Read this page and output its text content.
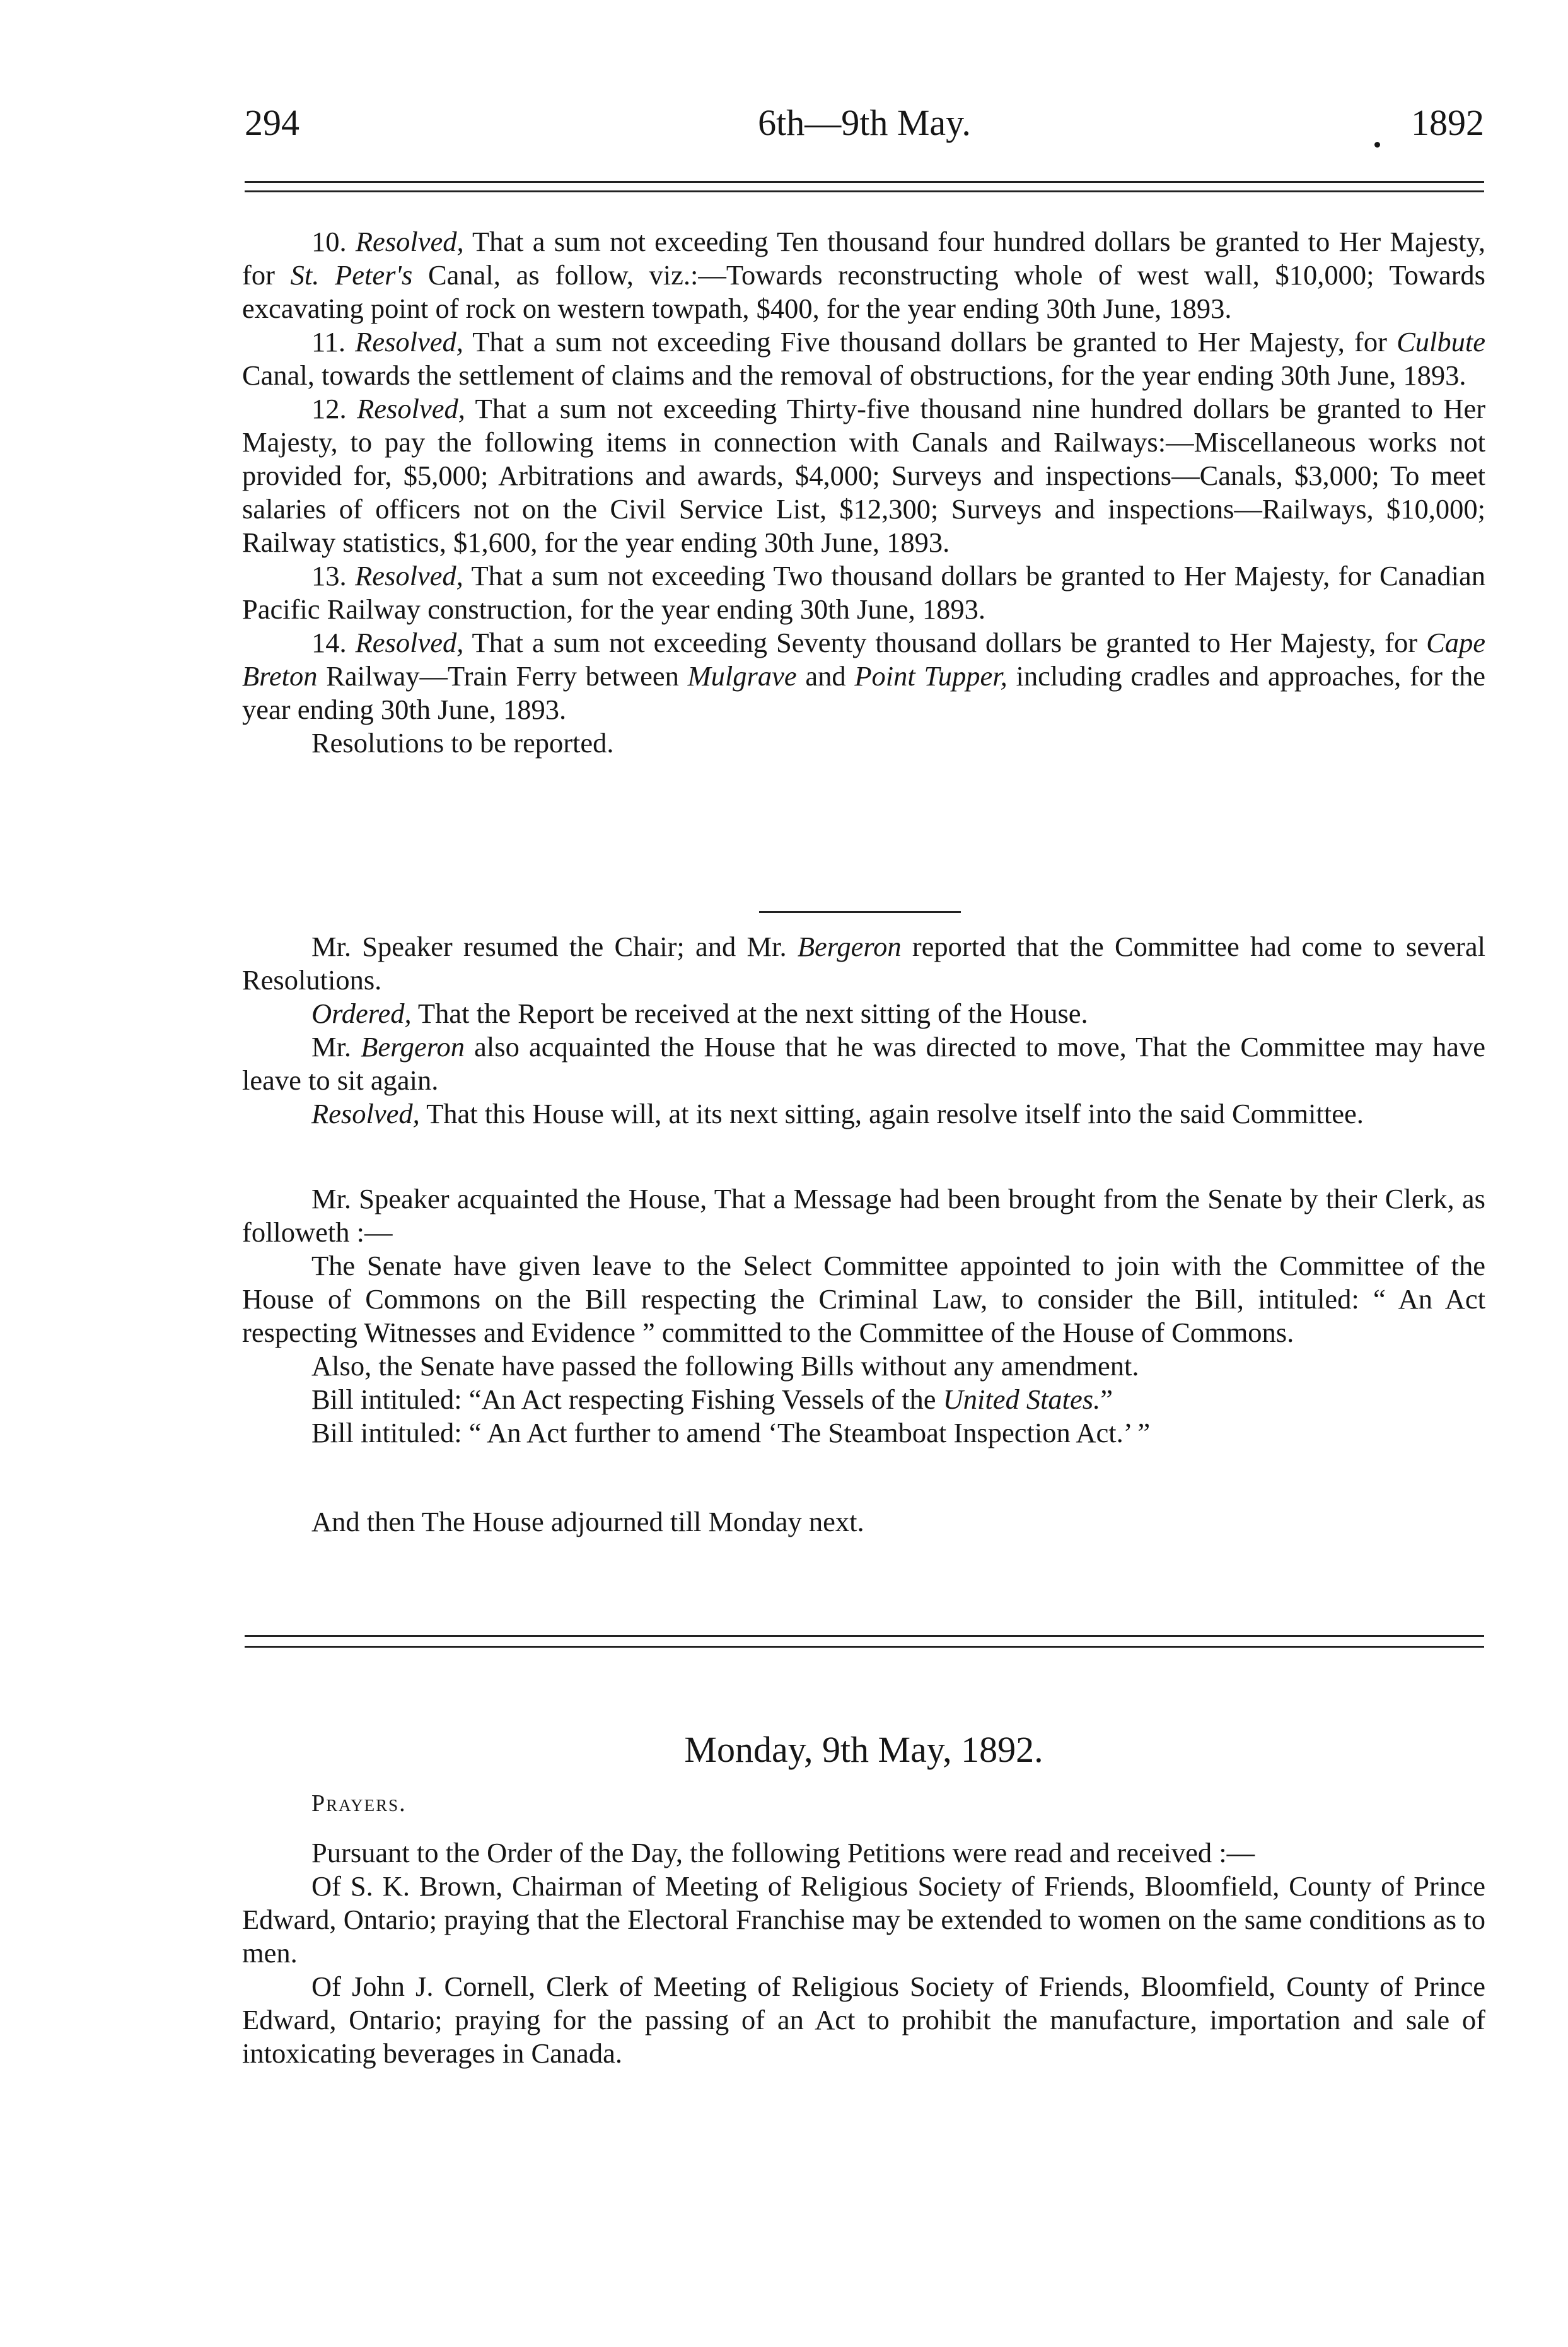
294	6th—9th May.	1892

10. Resolved, That a sum not exceeding Ten thousand four hundred dollars be granted to Her Majesty, for St. Peter's Canal, as follow, viz.:—Towards reconstructing whole of west wall, $10,000; Towards excavating point of rock on western towpath, $400, for the year ending 30th June, 1893.

11. Resolved, That a sum not exceeding Five thousand dollars be granted to Her Majesty, for Culbute Canal, towards the settlement of claims and the removal of obstructions, for the year ending 30th June, 1893.

12. Resolved, That a sum not exceeding Thirty-five thousand nine hundred dollars be granted to Her Majesty, to pay the following items in connection with Canals and Railways:—Miscellaneous works not provided for, $5,000; Arbitrations and awards, $4,000; Surveys and inspections—Canals, $3,000; To meet salaries of officers not on the Civil Service List, $12,300; Surveys and inspections—Railways, $10,000; Railway statistics, $1,600, for the year ending 30th June, 1893.

13. Resolved, That a sum not exceeding Two thousand dollars be granted to Her Majesty, for Canadian Pacific Railway construction, for the year ending 30th June, 1893.

14. Resolved, That a sum not exceeding Seventy thousand dollars be granted to Her Majesty, for Cape Breton Railway—Train Ferry between Mulgrave and Point Tupper, including cradles and approaches, for the year ending 30th June, 1893.

Resolutions to be reported.

Mr. Speaker resumed the Chair; and Mr. Bergeron reported that the Committee had come to several Resolutions.

Ordered, That the Report be received at the next sitting of the House.

Mr. Bergeron also acquainted the House that he was directed to move, That the Committee may have leave to sit again.

Resolved, That this House will, at its next sitting, again resolve itself into the said Committee.

Mr. Speaker acquainted the House, That a Message had been brought from the Senate by their Clerk, as followeth :—

The Senate have given leave to the Select Committee appointed to join with the Committee of the House of Commons on the Bill respecting the Criminal Law, to consider the Bill, intituled: “ An Act respecting Witnesses and Evidence ” committed to the Committee of the House of Commons.

Also, the Senate have passed the following Bills without any amendment.

Bill intituled: “An Act respecting Fishing Vessels of the United States.”

Bill intituled: “ An Act further to amend ‘The Steamboat Inspection Act.’ ”

And then The House adjourned till Monday next.

Monday, 9th May, 1892.
Prayers.

Pursuant to the Order of the Day, the following Petitions were read and received :—

Of S. K. Brown, Chairman of Meeting of Religious Society of Friends, Bloomfield, County of Prince Edward, Ontario; praying that the Electoral Franchise may be extended to women on the same conditions as to men.

Of John J. Cornell, Clerk of Meeting of Religious Society of Friends, Bloomfield, County of Prince Edward, Ontario; praying for the passing of an Act to prohibit the manufacture, importation and sale of intoxicating beverages in Canada.
